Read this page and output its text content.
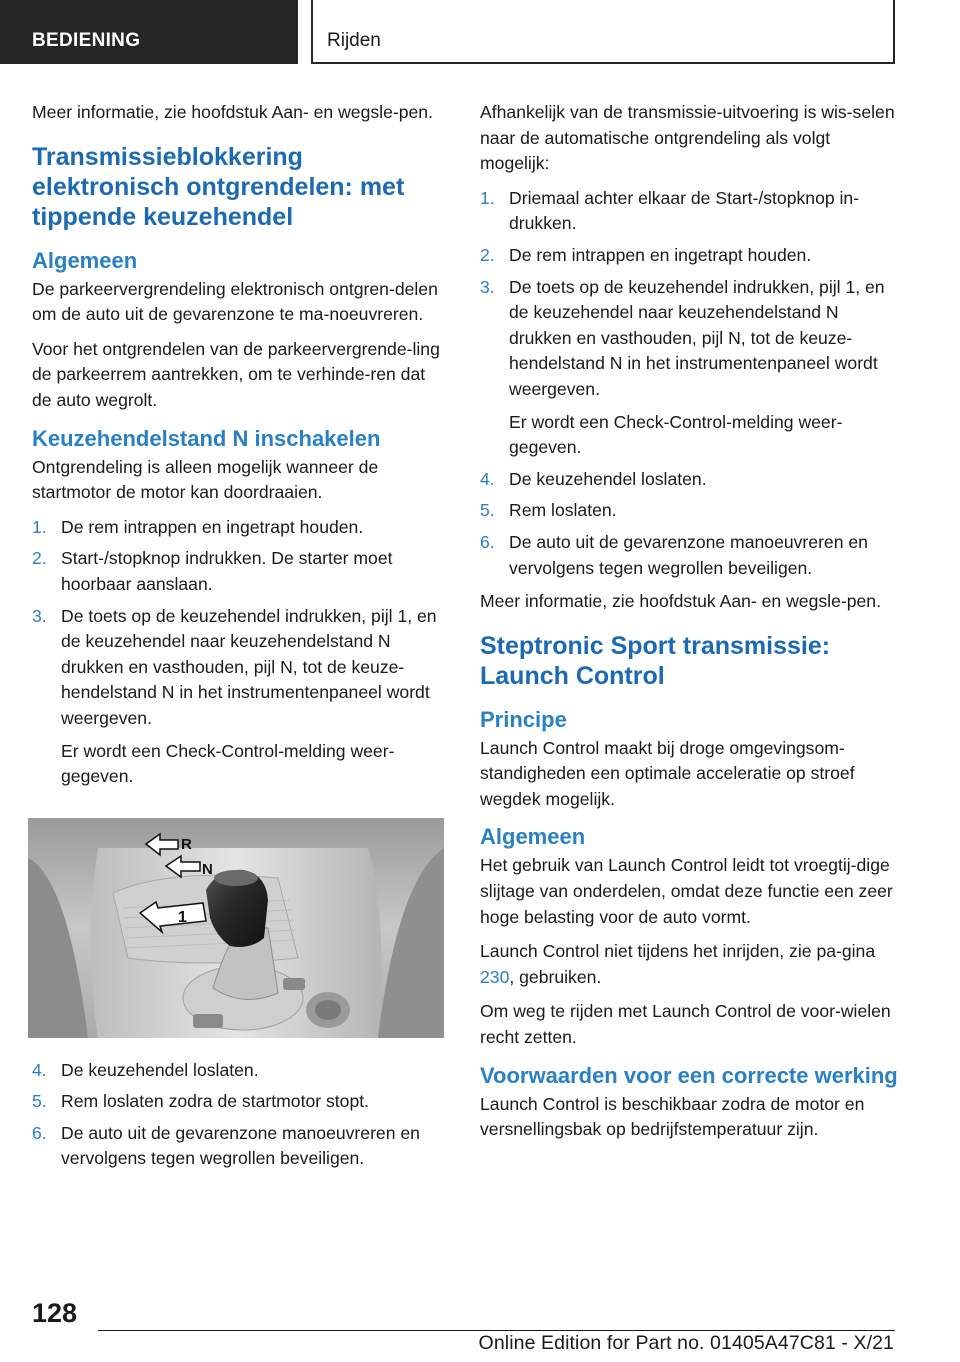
BEDIENING	Rijden

Meer informatie, zie hoofdstuk Aan- en wegsle-pen.

Transmissieblokkering elektronisch ontgrendelen: met tippende keuzehendel
Algemeen

De parkeervergrendeling elektronisch ontgren-delen om de auto uit de gevarenzone te ma-noeuvreren.

Voor het ontgrendelen van de parkeervergrende-ling de parkeerrem aantrekken, om te verhinde-ren dat de auto wegrolt.

Keuzehendelstand N inschakelen

Ontgrendeling is alleen mogelijk wanneer de startmotor de motor kan doordraaien.

1. De rem intrappen en ingetrapt houden.
2. Start-/stopknop indrukken. De starter moet hoorbaar aanslaan.
3. De toets op de keuzehendel indrukken, pijl 1, en de keuzehendel naar keuzehendelstand N drukken en vasthouden, pijl N, tot de keuze-hendelstand N in het instrumentenpaneel wordt weergeven.
Er wordt een Check-Control-melding weer-gegeven.
R
N
1
4. De keuzehendel loslaten.
5. Rem loslaten zodra de startmotor stopt.
6. De auto uit de gevarenzone manoeuvreren en vervolgens tegen wegrollen beveiligen.

Afhankelijk van de transmissie-uitvoering is wis-selen naar de automatische ontgrendeling als volgt mogelijk:

1. Driemaal achter elkaar de Start-/stopknop in-drukken.
2. De rem intrappen en ingetrapt houden.
3. De toets op de keuzehendel indrukken, pijl 1, en de keuzehendel naar keuzehendelstand N drukken en vasthouden, pijl N, tot de keuze-hendelstand N in het instrumentenpaneel wordt weergeven.
Er wordt een Check-Control-melding weer-gegeven.
4. De keuzehendel loslaten.
5. Rem loslaten.
6. De auto uit de gevarenzone manoeuvreren en vervolgens tegen wegrollen beveiligen.

Meer informatie, zie hoofdstuk Aan- en wegsle-pen.

Steptronic Sport transmissie: Launch Control
Principe

Launch Control maakt bij droge omgevingsom-standigheden een optimale acceleratie op stroef wegdek mogelijk.

Algemeen

Het gebruik van Launch Control leidt tot vroegtij-dige slijtage van onderdelen, omdat deze functie een zeer hoge belasting voor de auto vormt.

Launch Control niet tijdens het inrijden, zie pa-gina 230, gebruiken.

Om weg te rijden met Launch Control de voor-wielen recht zetten.

Voorwaarden voor een correcte werking

Launch Control is beschikbaar zodra de motor en versnellingsbak op bedrijfstemperatuur zijn.

128
Online Edition for Part no. 01405A47C81 - X/21
